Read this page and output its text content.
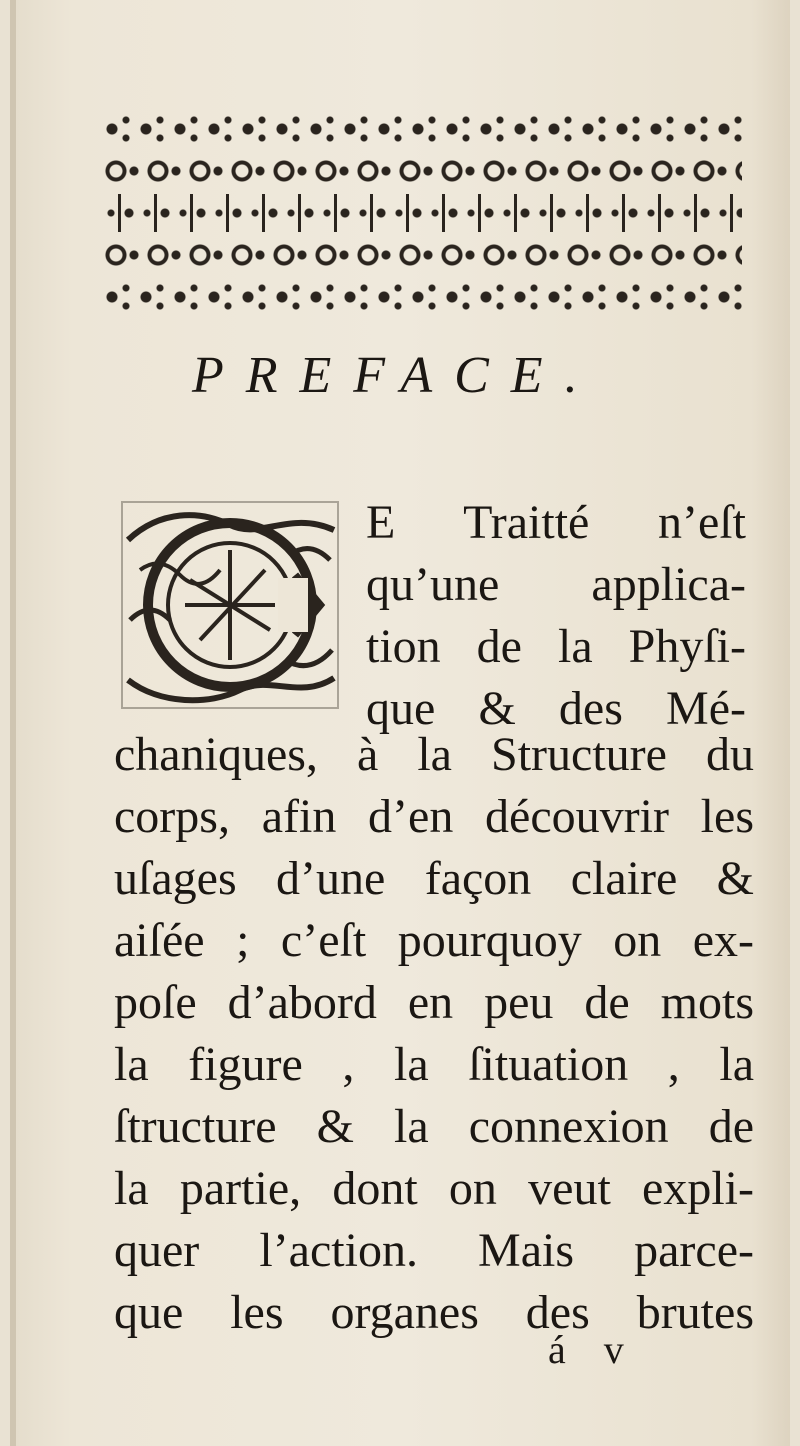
PREFACE.
E Traitté n’eſt
qu’une applica-
tion de la Phyſi-
que & des Mé-
chaniques, à la Structure du
corps, afin d’en découvrir les
uſages d’une façon claire &
aiſée ; c’eſt pourquoy on ex-
poſe d’abord en peu de mots
la figure , la ſituation , la
ſtructure & la connexion de
la partie, dont on veut expli-
quer l’action. Mais parce-
que les organes des brutes
á v
